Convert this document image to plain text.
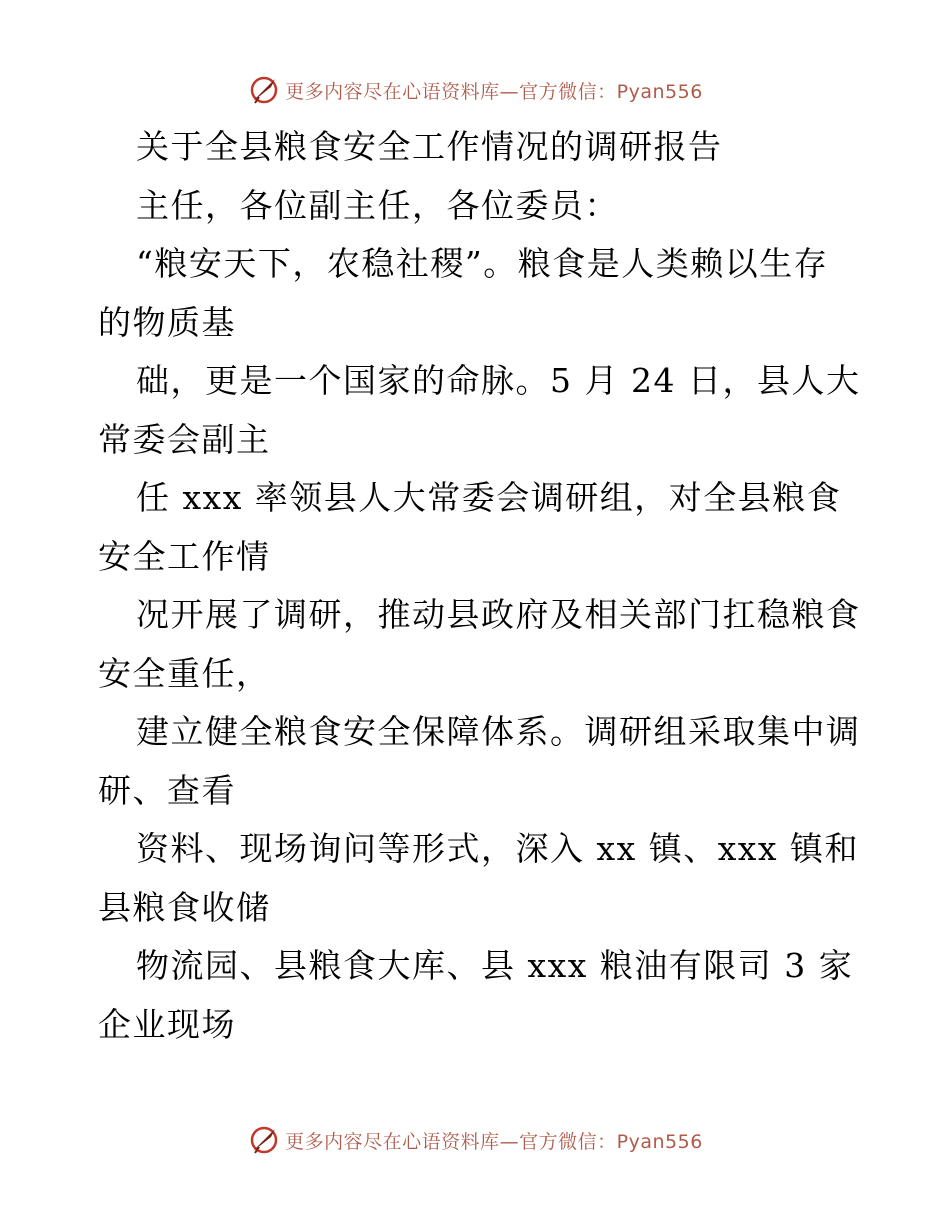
更多内容尽在心语资料库—官方微信：Pyan556
关于全县粮食安全工作情况的调研报告
主任，各位副主任，各位委员：
“粮安天下，农稳社稷”。粮食是人类赖以生存
的物质基
础，更是一个国家的命脉。5 月 24 日，县人大
常委会副主
任 xxx 率领县人大常委会调研组，对全县粮食
安全工作情
况开展了调研，推动县政府及相关部门扛稳粮食
安全重任，
建立健全粮食安全保障体系。调研组采取集中调
研、查看
资料、现场询问等形式，深入 xx 镇、xxx 镇和
县粮食收储
物流园、县粮食大库、县 xxx 粮油有限司 3 家
企业现场
更多内容尽在心语资料库—官方微信：Pyan556
